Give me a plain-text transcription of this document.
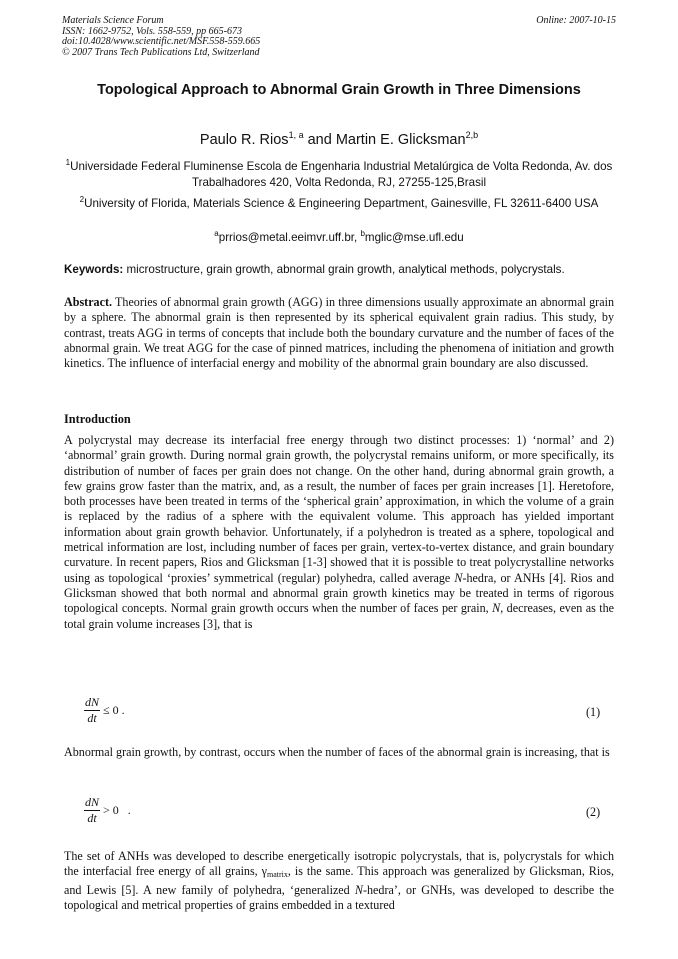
Materials Science Forum
ISSN: 1662-9752, Vols. 558-559, pp 665-673
doi:10.4028/www.scientific.net/MSF.558-559.665
© 2007 Trans Tech Publications Ltd, Switzerland
Online: 2007-10-15
Topological Approach to Abnormal Grain Growth in Three Dimensions
Paulo R. Rios$^{1, a}$ and Martin E. Glicksman$^{2,b}$
$^1$Universidade Federal Fluminense Escola de Engenharia Industrial Metalúrgica de Volta Redonda, Av. dos Trabalhadores 420, Volta Redonda, RJ, 27255-125,Brasil
$^2$University of Florida, Materials Science & Engineering Department, Gainesville, FL 32611-6400 USA
$^a$prrios@metal.eeimvr.uff.br, $^b$mglic@mse.ufl.edu
Keywords: microstructure, grain growth, abnormal grain growth, analytical methods, polycrystals.
Abstract. Theories of abnormal grain growth (AGG) in three dimensions usually approximate an abnormal grain by a sphere. The abnormal grain is then represented by its spherical equivalent grain radius. This study, by contrast, treats AGG in terms of concepts that include both the boundary curvature and the number of faces of the abnormal grain. We treat AGG for the case of pinned matrices, including the phenomena of initiation and growth kinetics. The influence of interfacial energy and mobility of the abnormal grain boundary are also discussed.
Introduction
A polycrystal may decrease its interfacial free energy through two distinct processes: 1) ‘normal’ and 2) ‘abnormal’ grain growth. During normal grain growth, the polycrystal remains uniform, or more specifically, its distribution of number of faces per grain does not change. On the other hand, during abnormal grain growth, a few grains grow faster than the matrix, and, as a result, the number of faces per grain increases [1]. Heretofore, both processes have been treated in terms of the ‘spherical grain’ approximation, in which the volume of a grain is replaced by the radius of a sphere with the equivalent volume. This approach has yielded important information about grain growth behavior. Unfortunately, if a polyhedron is treated as a sphere, topological and metrical information are lost, including number of faces per grain, vertex-to-vertex distance, and grain boundary curvature. In recent papers, Rios and Glicksman [1-3] showed that it is possible to treat polycrystalline networks using as topological ‘proxies’ symmetrical (regular) polyhedra, called average N-hedra, or ANHs [4]. Rios and Glicksman showed that both normal and abnormal grain growth kinetics may be treated in terms of rigorous topological concepts. Normal grain growth occurs when the number of faces per grain, N, decreases, even as the total grain volume increases [3], that is
$\frac{dN}{dt} \le 0$ .	(1)
Abnormal grain growth, by contrast, occurs when the number of faces of the abnormal grain is increasing, that is
$\frac{dN}{dt} > 0$   .	(2)
The set of ANHs was developed to describe energetically isotropic polycrystals, that is, polycrystals for which the interfacial free energy of all grains, $\gamma_{matrix}$, is the same. This approach was generalized by Glicksman, Rios, and Lewis [5]. A new family of polyhedra, ‘generalized N-hedra’, or GNHs, was developed to describe the topological and metrical properties of grains embedded in a textured
